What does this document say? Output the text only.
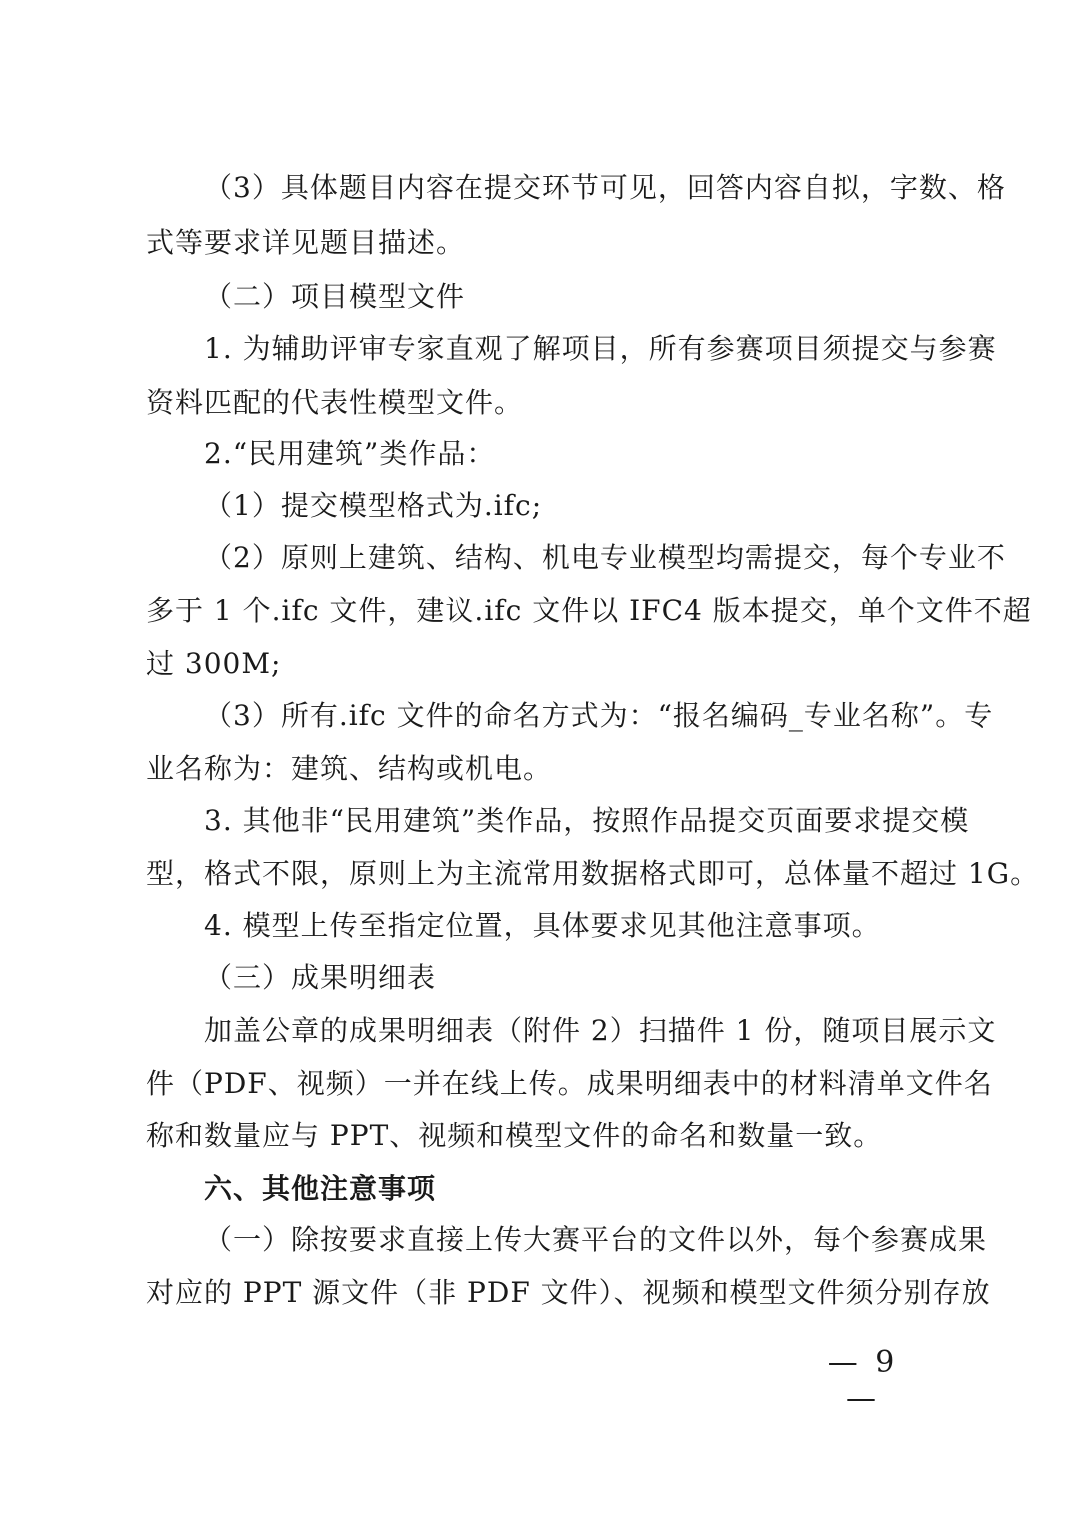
（3）具体题目内容在提交环节可见，回答内容自拟，字数、格
式等要求详见题目描述。
（二）项目模型文件
1. 为辅助评审专家直观了解项目，所有参赛项目须提交与参赛
资料匹配的代表性模型文件。
2.“民用建筑”类作品：
（1）提交模型格式为.ifc;
（2）原则上建筑、结构、机电专业模型均需提交，每个专业不
多于 1 个.ifc 文件，建议.ifc 文件以 IFC4 版本提交，单个文件不超
过 300M;
（3）所有.ifc 文件的命名方式为：“报名编码_专业名称”。专
业名称为：建筑、结构或机电。
3. 其他非“民用建筑”类作品，按照作品提交页面要求提交模
型，格式不限，原则上为主流常用数据格式即可，总体量不超过 1G。
4. 模型上传至指定位置，具体要求见其他注意事项。
（三）成果明细表
加盖公章的成果明细表（附件 2）扫描件 1 份，随项目展示文
件（PDF、视频）一并在线上传。成果明细表中的材料清单文件名
称和数量应与 PPT、视频和模型文件的命名和数量一致。
六、其他注意事项
（一）除按要求直接上传大赛平台的文件以外，每个参赛成果
对应的 PPT 源文件（非 PDF 文件）、视频和模型文件须分别存放
— 9 —
